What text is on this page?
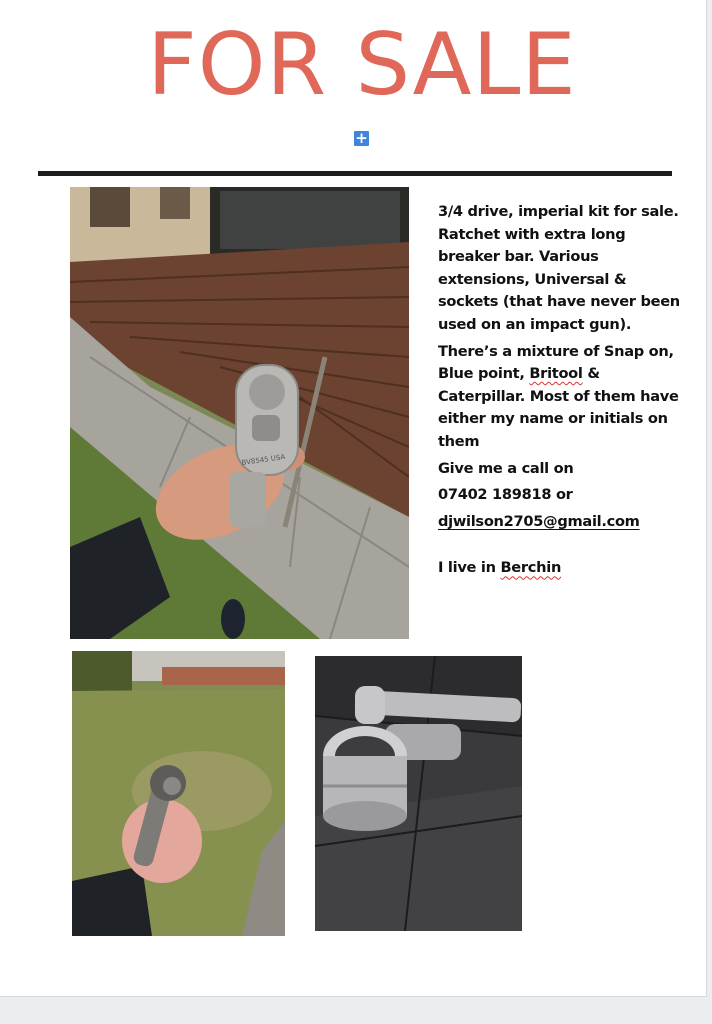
FOR SALE
+
BV8545 USA

3/4 drive, imperial kit for sale. Ratchet with extra long breaker bar. Various extensions, Universal & sockets (that have never been used on an impact gun).

There’s a mixture of Snap on, Blue point, Britool & Caterpillar. Most of them have either my name or initials on them

Give me a call on

07402 189818 or

djwilson2705@gmail.com

I live in Berchin
